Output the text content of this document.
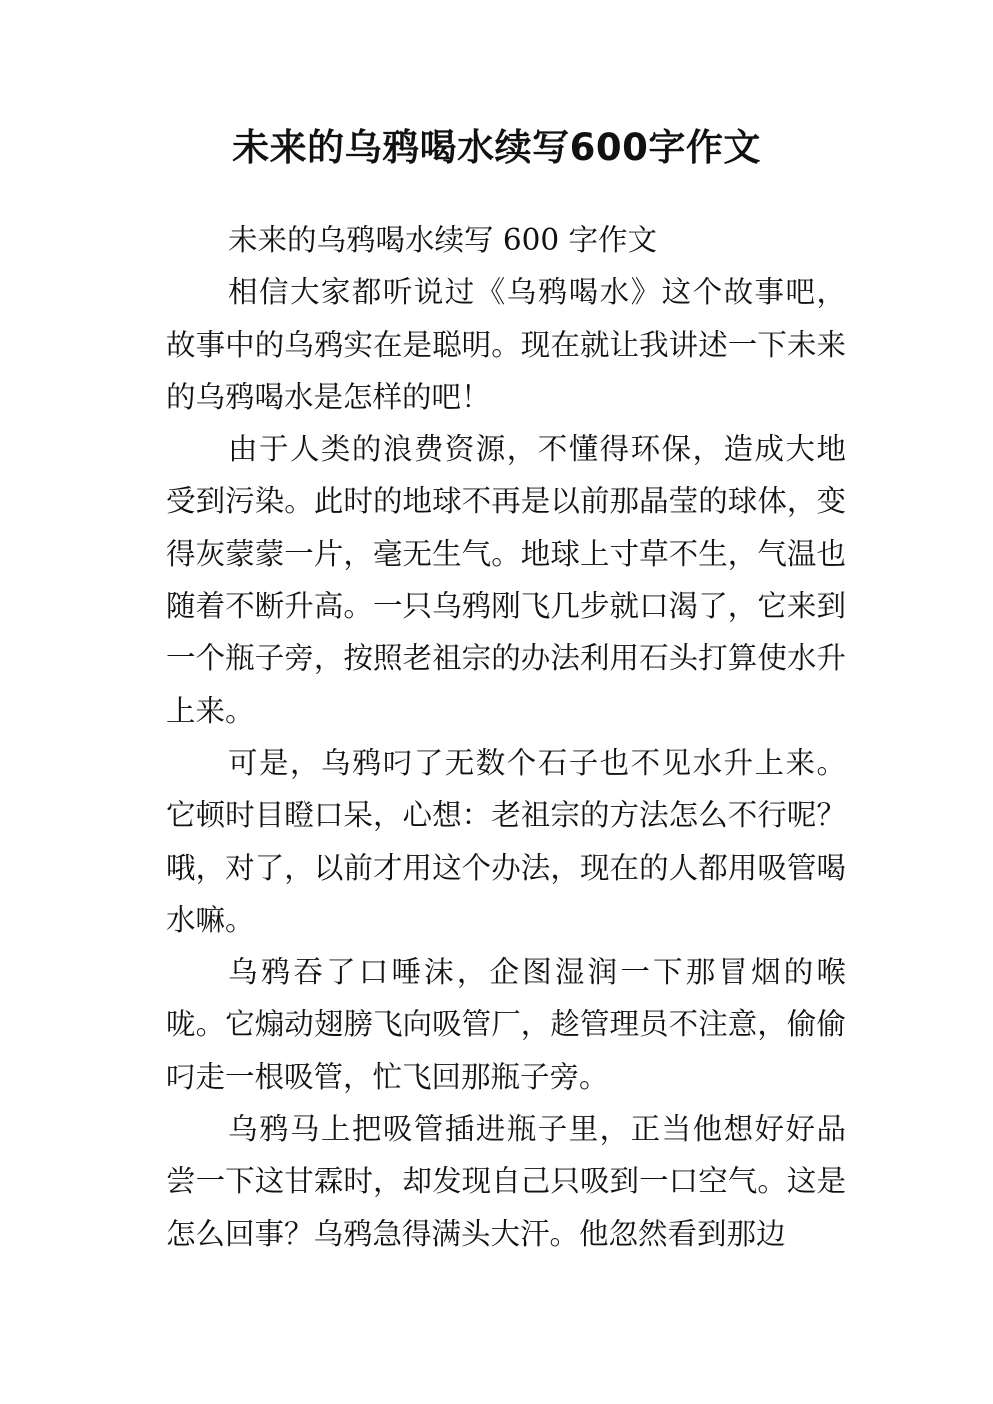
未来的乌鸦喝水续写600字作文

未来的乌鸦喝水续写 600 字作文

相信大家都听说过《乌鸦喝水》这个故事吧，故事中的乌鸦实在是聪明。现在就让我讲述一下未来的乌鸦喝水是怎样的吧！

由于人类的浪费资源，不懂得环保，造成大地受到污染。此时的地球不再是以前那晶莹的球体，变得灰蒙蒙一片，毫无生气。地球上寸草不生，气温也随着不断升高。一只乌鸦刚飞几步就口渴了，它来到一个瓶子旁，按照老祖宗的办法利用石头打算使水升上来。

可是，乌鸦叼了无数个石子也不见水升上来。它顿时目瞪口呆，心想：老祖宗的方法怎么不行呢？哦，对了，以前才用这个办法，现在的人都用吸管喝水嘛。

乌鸦吞了口唾沫，企图湿润一下那冒烟的喉咙。它煽动翅膀飞向吸管厂，趁管理员不注意，偷偷叼走一根吸管，忙飞回那瓶子旁。

乌鸦马上把吸管插进瓶子里，正当他想好好品尝一下这甘霖时，却发现自己只吸到一口空气。这是怎么回事？乌鸦急得满头大汗。他忽然看到那边
